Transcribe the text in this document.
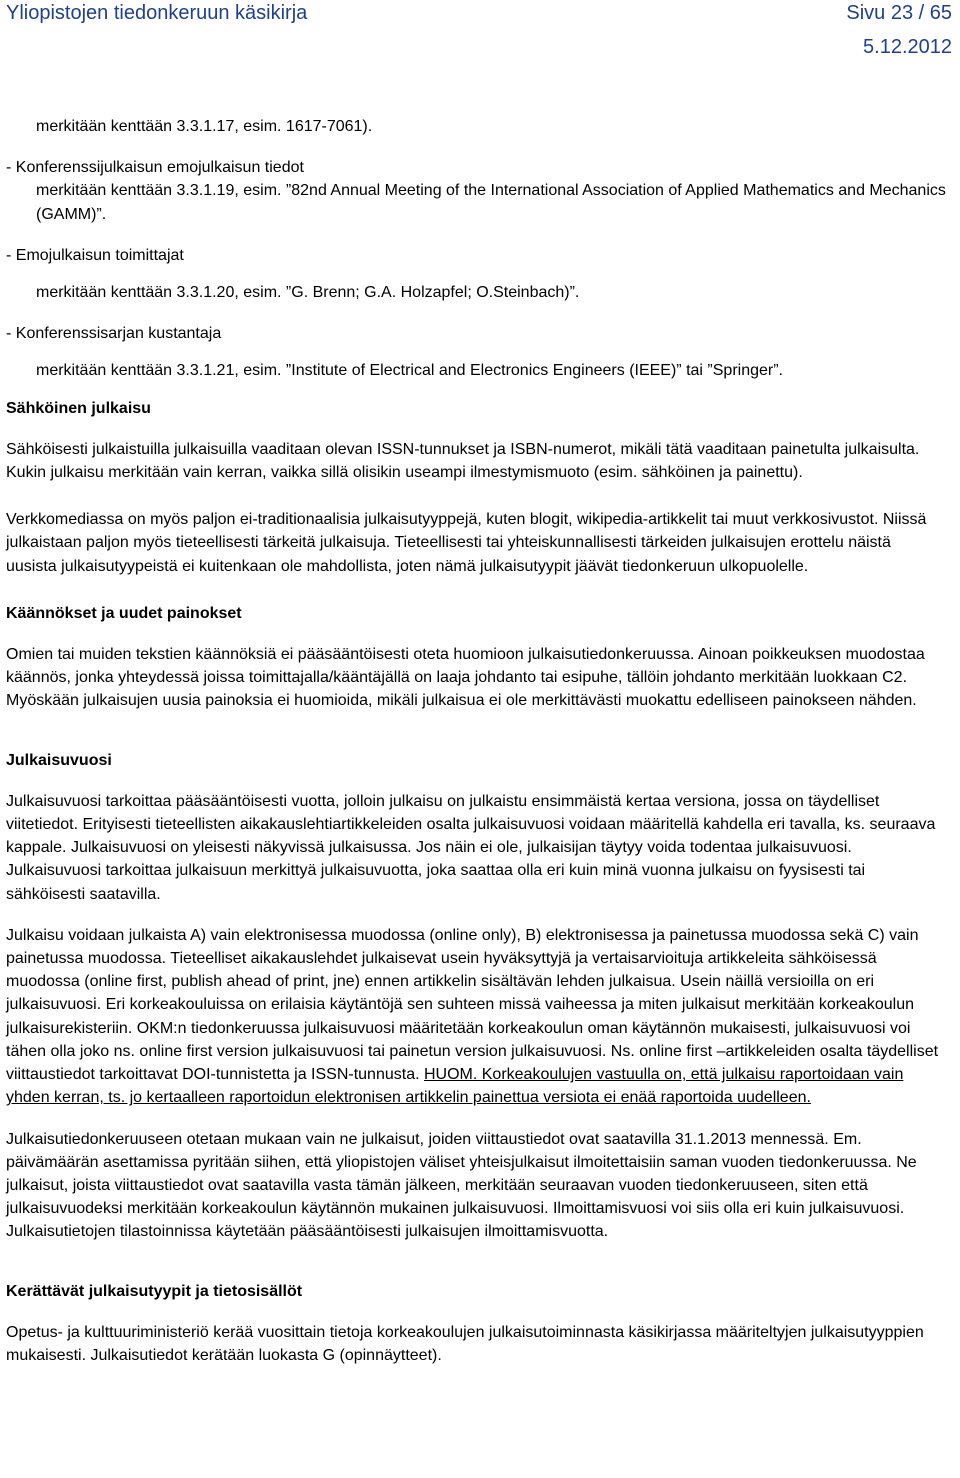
Yliopistojen tiedonkeruun käsikirja	Sivu 23 / 65
5.12.2012

merkitään kenttään 3.3.1.17, esim. 1617-7061).

- Konferenssijulkaisun emojulkaisun tiedot

merkitään kenttään 3.3.1.19, esim. ”82nd Annual Meeting of the International Association of Applied Mathematics and Mechanics (GAMM)”.

- Emojulkaisun toimittajat

merkitään kenttään 3.3.1.20, esim. ”G. Brenn; G.A. Holzapfel; O.Steinbach)”.

- Konferenssisarjan kustantaja

merkitään kenttään 3.3.1.21, esim. ”Institute of Electrical and Electronics Engineers (IEEE)” tai ”Springer”.

Sähköinen julkaisu

Sähköisesti julkaistuilla julkaisuilla vaaditaan olevan ISSN-tunnukset ja ISBN-numerot, mikäli tätä vaaditaan painetulta julkaisulta. Kukin julkaisu merkitään vain kerran, vaikka sillä olisikin useampi ilmestymismuoto (esim. sähköinen ja painettu).

Verkkomediassa on myös paljon ei-traditionaalisia julkaisutyyppejä, kuten blogit, wikipedia-artikkelit tai muut verkkosivustot. Niissä julkaistaan paljon myös tieteellisesti tärkeitä julkaisuja. Tieteellisesti tai yhteiskunnallisesti tärkeiden julkaisujen erottelu näistä uusista julkaisutyypeistä ei kuitenkaan ole mahdollista, joten nämä julkaisutyypit jäävät tiedonkeruun ulkopuolelle.

Käännökset ja uudet painokset

Omien tai muiden tekstien käännöksiä ei pääsääntöisesti oteta huomioon julkaisutiedonkeruussa. Ainoan poikkeuksen muodostaa käännös, jonka yhteydessä joissa toimittajalla/kääntäjällä on laaja johdanto tai esipuhe, tällöin johdanto merkitään luokkaan C2. Myöskään julkaisujen uusia painoksia ei huomioida, mikäli julkaisua ei ole merkittävästi muokattu edelliseen painokseen nähden.

Julkaisuvuosi

Julkaisuvuosi tarkoittaa pääsääntöisesti vuotta, jolloin julkaisu on julkaistu ensimmäistä kertaa versiona, jossa on täydelliset viitetiedot. Erityisesti tieteellisten aikakauslehtiartikkeleiden osalta julkaisuvuosi voidaan määritellä kahdella eri tavalla, ks. seuraava kappale. Julkaisuvuosi on yleisesti näkyvissä julkaisussa. Jos näin ei ole, julkaisijan täytyy voida todentaa julkaisuvuosi. Julkaisuvuosi tarkoittaa julkaisuun merkittyä julkaisuvuotta, joka saattaa olla eri kuin minä vuonna julkaisu on fyysisesti tai sähköisesti saatavilla.

Julkaisu voidaan julkaista A) vain elektronisessa muodossa (online only), B) elektronisessa ja painetussa muodossa sekä C) vain painetussa muodossa. Tieteelliset aikakauslehdet julkaisevat usein hyväksyttyjä ja vertaisarvioituja artikkeleita sähköisessä muodossa (online first, publish ahead of print, jne) ennen artikkelin sisältävän lehden julkaisua. Usein näillä versioilla on eri julkaisuvuosi. Eri korkeakouluissa on erilaisia käytäntöjä sen suhteen missä vaiheessa ja miten julkaisut merkitään korkeakoulun julkaisurekisteriin. OKM:n tiedonkeruussa julkaisuvuosi määritetään korkeakoulun oman käytännön mukaisesti, julkaisuvuosi voi tähen olla joko ns. online first version julkaisuvuosi tai painetun version julkaisuvuosi. Ns. online first –artikkeleiden osalta täydelliset viittaustiedot tarkoittavat DOI-tunnistetta ja ISSN-tunnusta. HUOM. Korkeakoulujen vastuulla on, että julkaisu raportoidaan vain yhden kerran, ts. jo kertaalleen raportoidun elektronisen artikkelin painettua versiota ei enää raportoida uudelleen.

Julkaisutiedonkeruuseen otetaan mukaan vain ne julkaisut, joiden viittaustiedot ovat saatavilla 31.1.2013 mennessä. Em. päivämäärän asettamissa pyritään siihen, että yliopistojen väliset yhteisjulkaisut ilmoitettaisiin saman vuoden tiedonkeruussa. Ne julkaisut, joista viittaustiedot ovat saatavilla vasta tämän jälkeen, merkitään seuraavan vuoden tiedonkeruuseen, siten että julkaisuvuodeksi merkitään korkeakoulun käytännön mukainen julkaisuvuosi. Ilmoittamisvuosi voi siis olla eri kuin julkaisuvuosi. Julkaisutietojen tilastoinnissa käytetään pääsääntöisesti julkaisujen ilmoittamisvuotta.

Kerättävät julkaisutyypit ja tietosisällöt

Opetus- ja kulttuuriministeriö kerää vuosittain tietoja korkeakoulujen julkaisutoiminnasta käsikirjassa määriteltyjen julkaisutyyppien mukaisesti. Julkaisutiedot kerätään luokasta G (opinnäytteet).
